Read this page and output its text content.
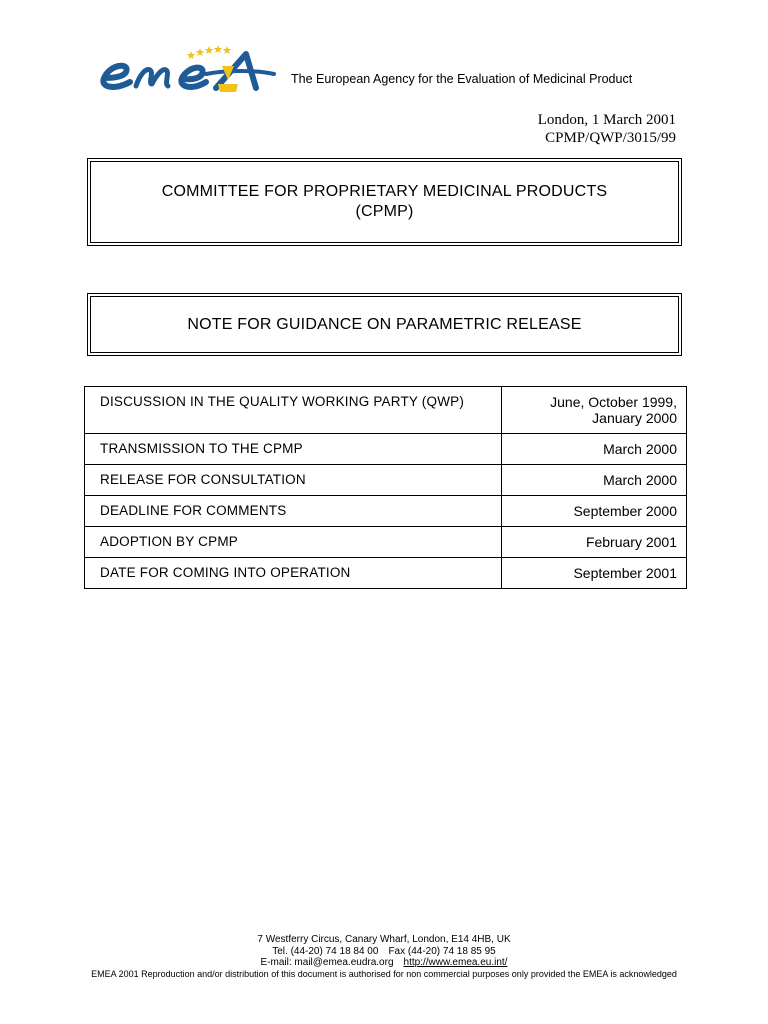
The European Agency for the Evaluation of Medicinal Product
London, 1 March 2001
CPMP/QWP/3015/99
COMMITTEE FOR PROPRIETARY MEDICINAL PRODUCTS
(CPMP)
NOTE FOR GUIDANCE ON PARAMETRIC RELEASE
DISCUSSION IN THE QUALITY WORKING PARTY (QWP)	June, October 1999,
January 2000

TRANSMISSION TO THE CPMP	March 2000
RELEASE FOR CONSULTATION	March 2000
DEADLINE FOR COMMENTS	September 2000
ADOPTION BY CPMP	February 2001
DATE FOR COMING INTO OPERATION	September 2001
7 Westferry Circus, Canary Wharf, London, E14 4HB, UK
Tel. (44-20) 74 18 84 00 Fax (44-20) 74 18 85 95
E-mail: mail@emea.eudra.org http://www.emea.eu.int/
EMEA 2001 Reproduction and/or distribution of this document is authorised for non commercial purposes only provided the EMEA is acknowledged
